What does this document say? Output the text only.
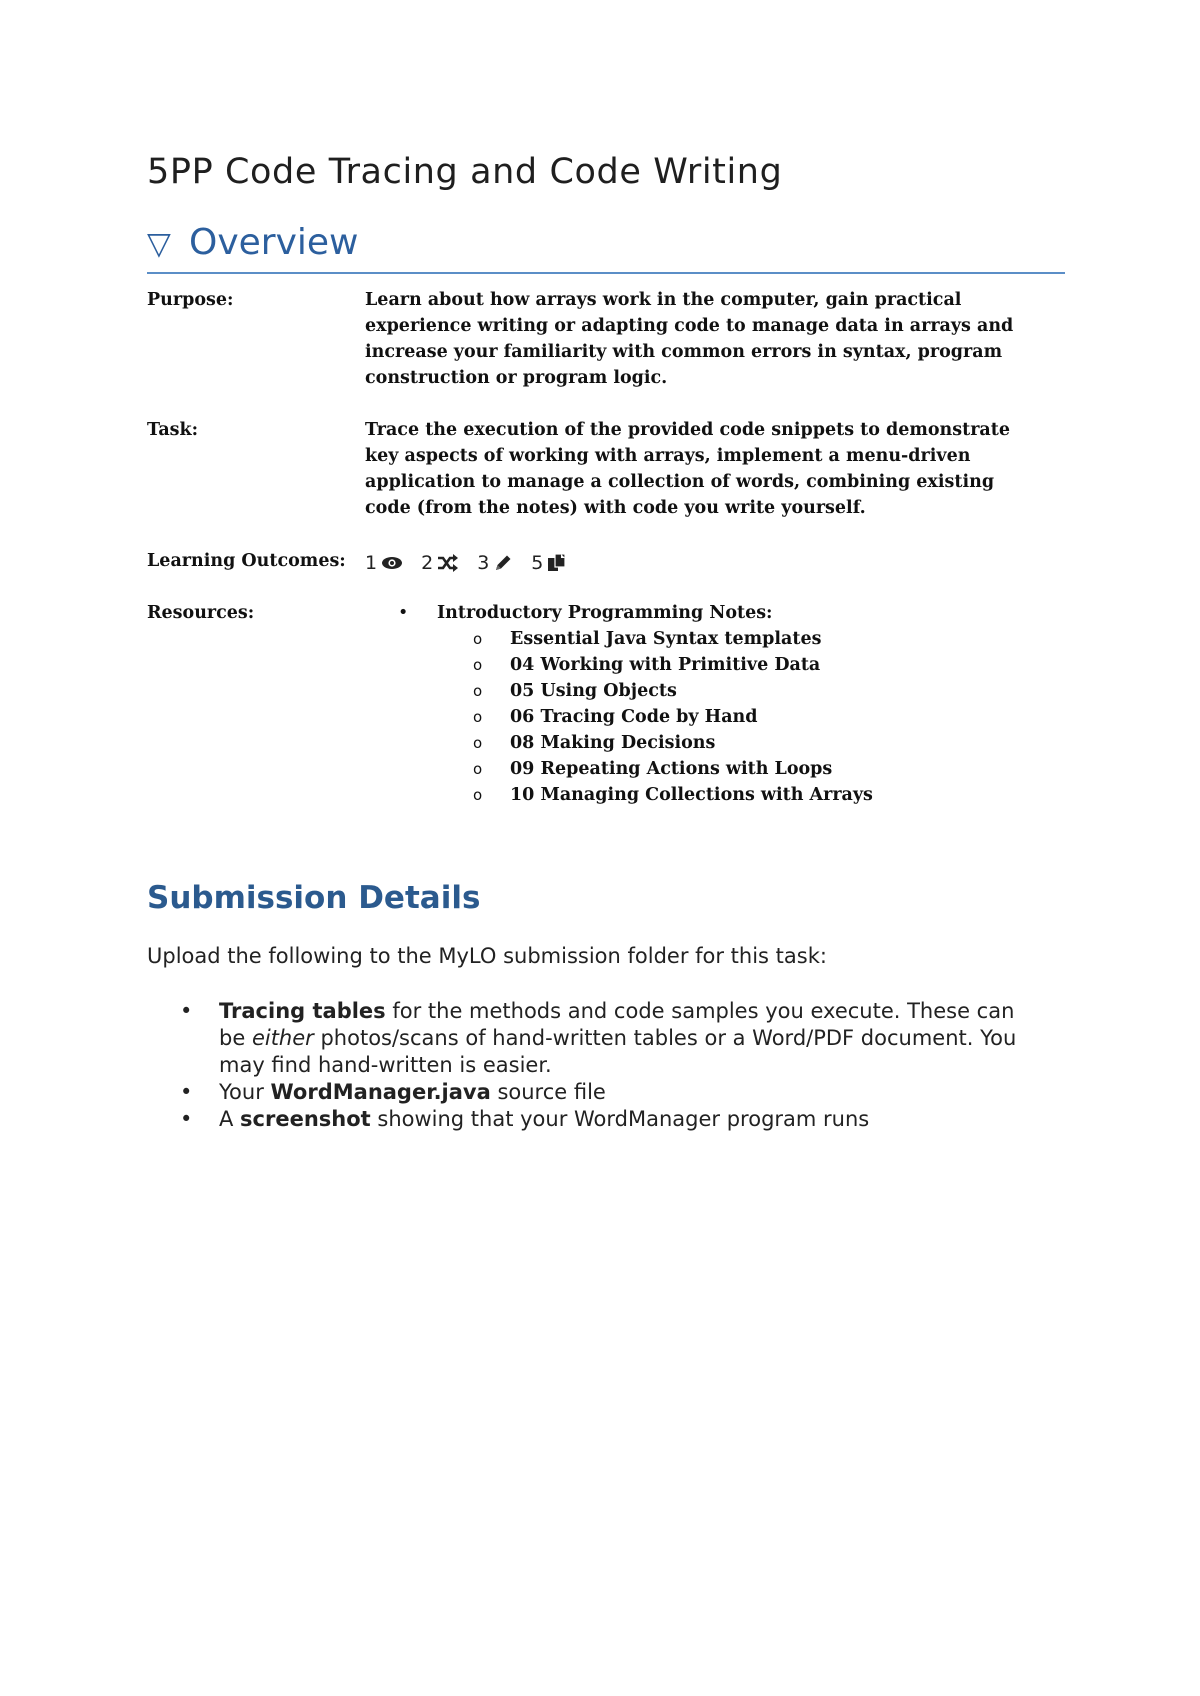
5PP Code Tracing and Code Writing
▽ Overview
Purpose:	Learn about how arrays work in the computer, gain practical experience writing or adapting code to manage data in arrays and increase your familiarity with common errors in syntax, program construction or program logic.
Task:	Trace the execution of the provided code snippets to demonstrate key aspects of working with arrays, implement a menu-driven application to manage a collection of words, combining existing code (from the notes) with code you write yourself.
Learning Outcomes: 1 2 3 5
Resources:
•	Introductory Programming Notes:
o Essential Java Syntax templates
o 04 Working with Primitive Data
o 05 Using Objects
o 06 Tracing Code by Hand
o 08 Making Decisions
o 09 Repeating Actions with Loops
o 10 Managing Collections with Arrays
Submission Details

Upload the following to the MyLO submission folder for this task:

• Tracing tables for the methods and code samples you execute. These can be either photos/scans of hand-written tables or a Word/PDF document. You may find hand-written is easier.
• Your WordManager.java source file
• A screenshot showing that your WordManager program runs
